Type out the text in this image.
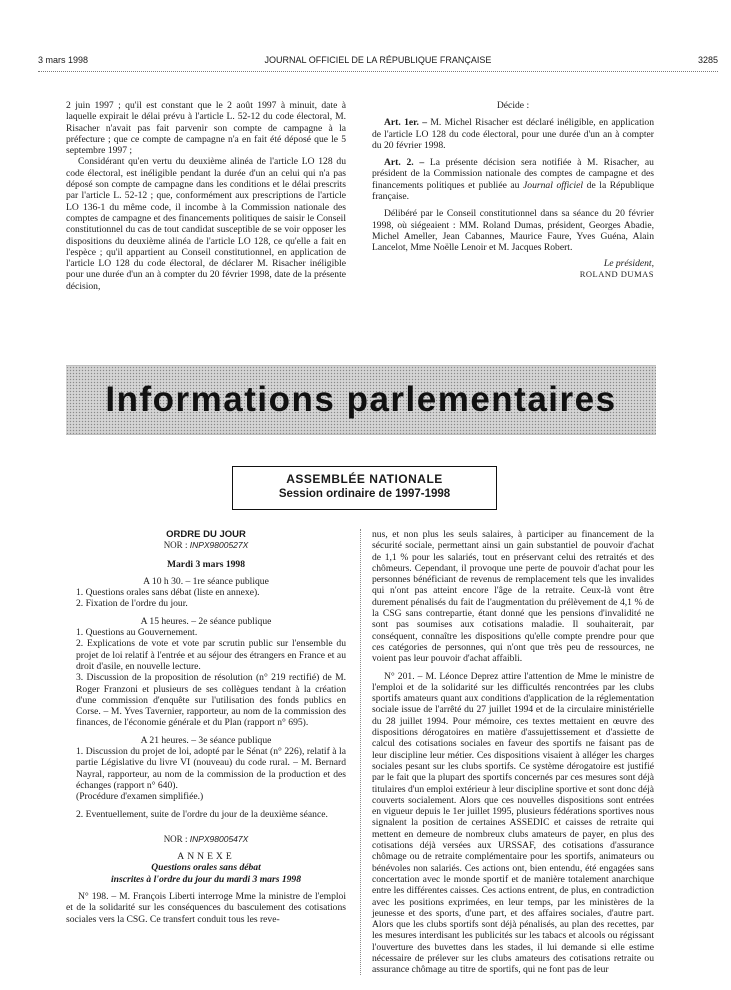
3 mars 1998	JOURNAL OFFICIEL DE LA RÉPUBLIQUE FRANÇAISE	3285

2 juin 1997 ; qu'il est constant que le 2 août 1997 à minuit, date à laquelle expirait le délai prévu à l'article L. 52-12 du code électoral, M. Risacher n'avait pas fait parvenir son compte de campagne à la préfecture ; que ce compte de campagne n'a en fait été déposé que le 5 septembre 1997 ;

Considérant qu'en vertu du deuxième alinéa de l'article LO 128 du code électoral, est inéligible pendant la durée d'un an celui qui n'a pas déposé son compte de campagne dans les conditions et le délai prescrits par l'article L. 52-12 ; que, conformément aux prescriptions de l'article LO 136-1 du même code, il incombe à la Commission nationale des comptes de campagne et des financements politiques de saisir le Conseil constitutionnel du cas de tout candidat susceptible de se voir opposer les dispositions du deuxième alinéa de l'article LO 128, ce qu'elle a fait en l'espèce ; qu'il appartient au Conseil constitutionnel, en application de l'article LO 128 du code électoral, de déclarer M. Risacher inéligible pour une durée d'un an à compter du 20 février 1998, date de la présente décision,

Décide :

Art. 1er. – M. Michel Risacher est déclaré inéligible, en application de l'article LO 128 du code électoral, pour une durée d'un an à compter du 20 février 1998.

Art. 2. – La présente décision sera notifiée à M. Risacher, au président de la Commission nationale des comptes de campagne et des financements politiques et publiée au Journal officiel de la République française.

Délibéré par le Conseil constitutionnel dans sa séance du 20 février 1998, où siégeaient : MM. Roland Dumas, président, Georges Abadie, Michel Ameller, Jean Cabannes, Maurice Faure, Yves Guéna, Alain Lancelot, Mme Noëlle Lenoir et M. Jacques Robert.

Le président,

ROLAND DUMAS

Informations parlementaires
ASSEMBLÉE NATIONALE
Session ordinaire de 1997-1998

ORDRE DU JOUR

NOR : INPX9800527X

Mardi 3 mars 1998

A 10 h 30. – 1re séance publique

1. Questions orales sans débat (liste en annexe).

2. Fixation de l'ordre du jour.

A 15 heures. – 2e séance publique

1. Questions au Gouvernement.

2. Explications de vote et vote par scrutin public sur l'ensemble du projet de loi relatif à l'entrée et au séjour des étrangers en France et au droit d'asile, en nouvelle lecture.

3. Discussion de la proposition de résolution (n° 219 rectifié) de M. Roger Franzoni et plusieurs de ses collègues tendant à la création d'une commission d'enquête sur l'utilisation des fonds publics en Corse. – M. Yves Tavernier, rapporteur, au nom de la commission des finances, de l'économie générale et du Plan (rapport n° 695).

A 21 heures. – 3e séance publique

1. Discussion du projet de loi, adopté par le Sénat (n° 226), relatif à la partie Législative du livre VI (nouveau) du code rural. – M. Bernard Nayral, rapporteur, au nom de la commission de la production et des échanges (rapport n° 640).

(Procédure d'examen simplifiée.)

2. Eventuellement, suite de l'ordre du jour de la deuxième séance.

NOR : INPX9800547X

ANNEXE

Questions orales sans débat

inscrites à l'ordre du jour du mardi 3 mars 1998

N° 198. – M. François Liberti interroge Mme la ministre de l'emploi et de la solidarité sur les conséquences du basculement des cotisations sociales vers la CSG. Ce transfert conduit tous les reve-

nus, et non plus les seuls salaires, à participer au financement de la sécurité sociale, permettant ainsi un gain substantiel de pouvoir d'achat de 1,1 % pour les salariés, tout en préservant celui des retraités et des chômeurs. Cependant, il provoque une perte de pouvoir d'achat pour les personnes bénéficiant de revenus de remplacement tels que les invalides qui n'ont pas atteint encore l'âge de la retraite. Ceux-là vont être durement pénalisés du fait de l'augmentation du prélèvement de 4,1 % de la CSG sans contrepartie, étant donné que les pensions d'invalidité ne sont pas soumises aux cotisations maladie. Il souhaiterait, par conséquent, connaître les dispositions qu'elle compte prendre pour que ces catégories de personnes, qui n'ont que très peu de ressources, ne voient pas leur pouvoir d'achat affaibli.

N° 201. – M. Léonce Deprez attire l'attention de Mme le ministre de l'emploi et de la solidarité sur les difficultés rencontrées par les clubs sportifs amateurs quant aux conditions d'application de la réglementation sociale issue de l'arrêté du 27 juillet 1994 et de la circulaire ministérielle du 28 juillet 1994. Pour mémoire, ces textes mettaient en œuvre des dispositions dérogatoires en matière d'assujettissement et d'assiette de calcul des cotisations sociales en faveur des sportifs ne faisant pas de leur discipline leur métier. Ces dispositions visaient à alléger les charges sociales pesant sur les clubs sportifs. Ce système dérogatoire est justifié par le fait que la plupart des sportifs concernés par ces mesures sont déjà titulaires d'un emploi extérieur à leur discipline sportive et sont donc déjà couverts socialement. Alors que ces nouvelles dispositions sont entrées en vigueur depuis le 1er juillet 1995, plusieurs fédérations sportives nous signalent la position de certaines ASSEDIC et caisses de retraite qui mettent en demeure de nombreux clubs amateurs de payer, en plus des cotisations déjà versées aux URSSAF, des cotisations d'assurance chômage ou de retraite complémentaire pour les sportifs, animateurs ou bénévoles non salariés. Ces actions ont, bien entendu, été engagées sans concertation avec le monde sportif et de manière totalement anarchique entre les différentes caisses. Ces actions entrent, de plus, en contradiction avec les positions exprimées, en leur temps, par les ministères de la jeunesse et des sports, d'une part, et des affaires sociales, d'autre part. Alors que les clubs sportifs sont déjà pénalisés, au plan des recettes, par les mesures interdisant les publicités sur les tabacs et alcools ou régissant l'ouverture des buvettes dans les stades, il lui demande si elle estime nécessaire de prélever sur les clubs amateurs des cotisations retraite ou assurance chômage au titre de sportifs, qui ne font pas de leur
